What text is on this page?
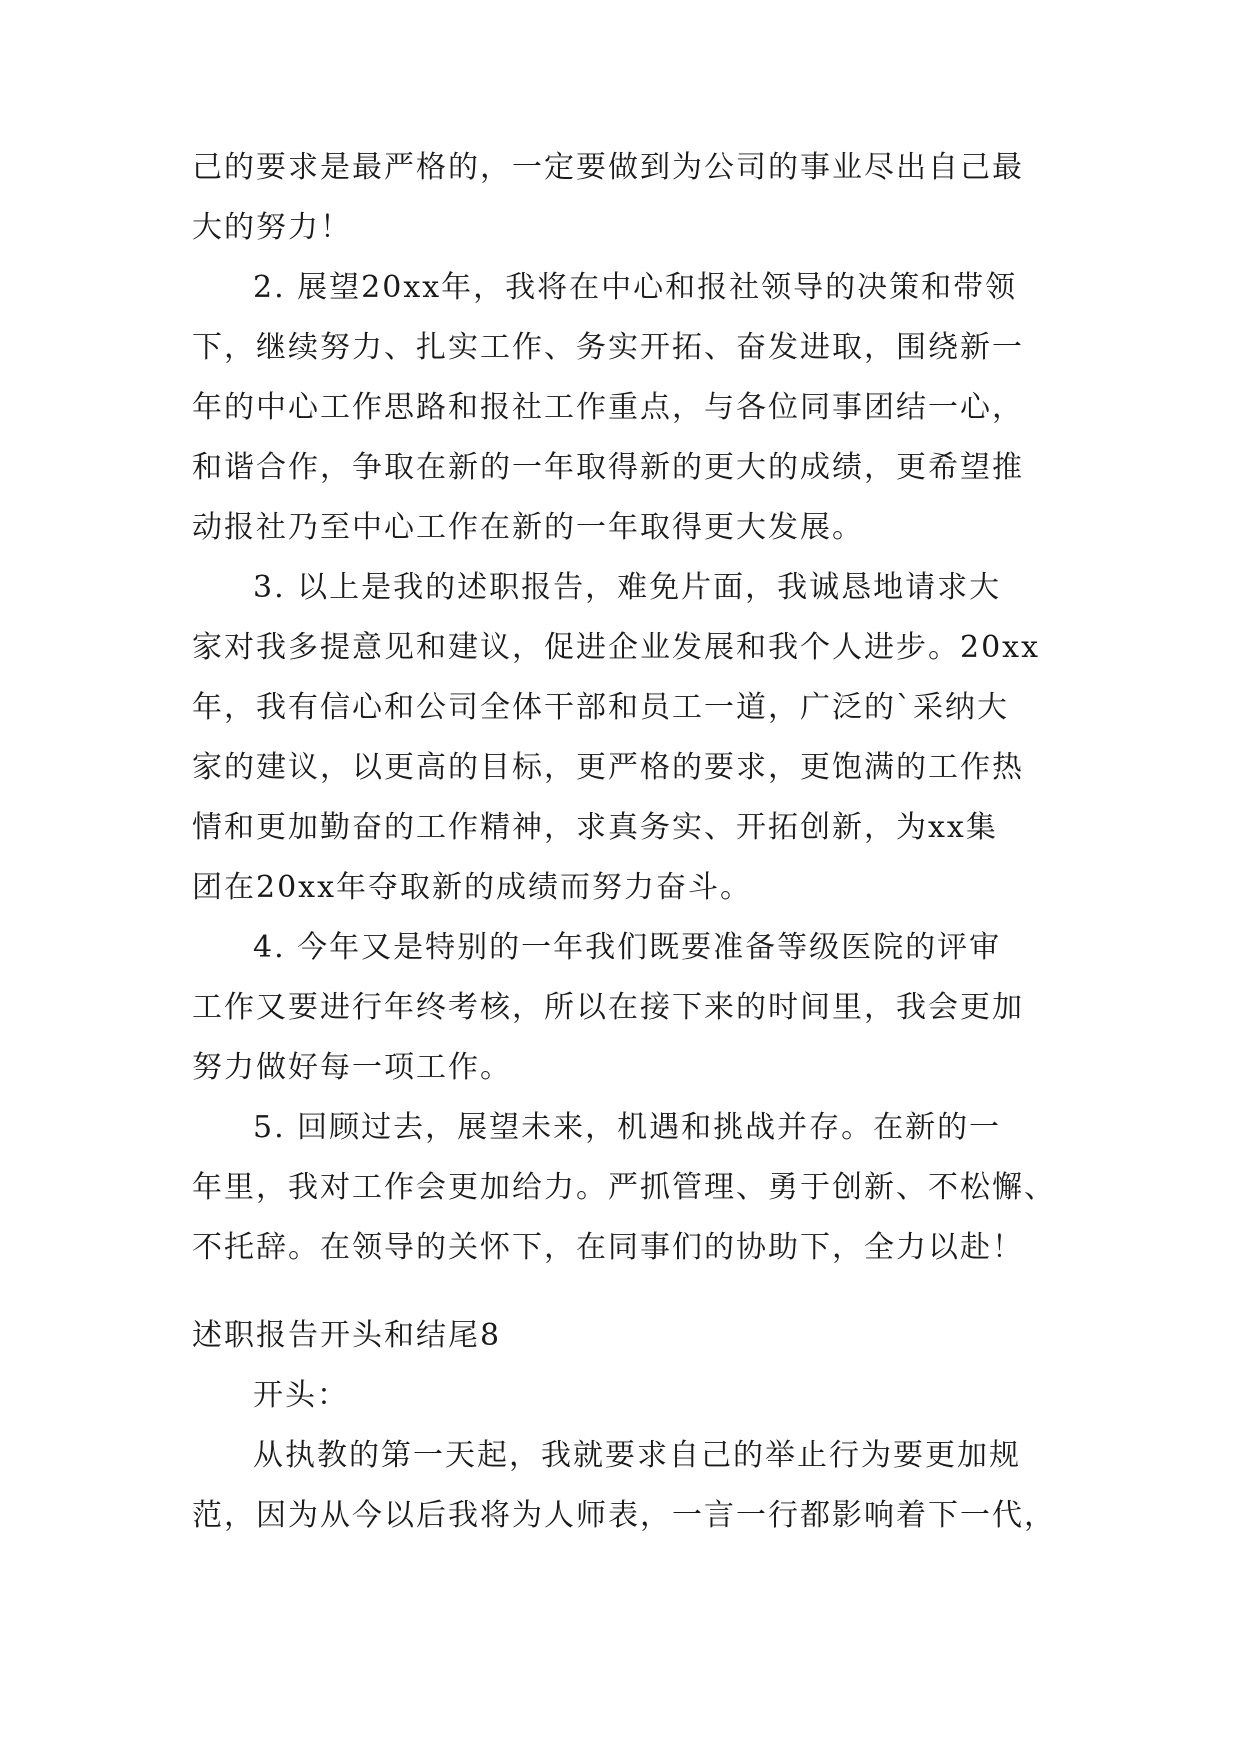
己的要求是最严格的，一定要做到为公司的事业尽出自己最
大的努力！
2. 展望20xx年，我将在中心和报社领导的决策和带领
下，继续努力、扎实工作、务实开拓、奋发进取，围绕新一
年的中心工作思路和报社工作重点，与各位同事团结一心，
和谐合作，争取在新的一年取得新的更大的成绩，更希望推
动报社乃至中心工作在新的一年取得更大发展。
3. 以上是我的述职报告，难免片面，我诚恳地请求大
家对我多提意见和建议，促进企业发展和我个人进步。20xx
年，我有信心和公司全体干部和员工一道，广泛的`采纳大
家的建议，以更高的目标，更严格的要求，更饱满的工作热
情和更加勤奋的工作精神，求真务实、开拓创新，为xx集
团在20xx年夺取新的成绩而努力奋斗。
4. 今年又是特别的一年我们既要准备等级医院的评审
工作又要进行年终考核，所以在接下来的时间里，我会更加
努力做好每一项工作。
5. 回顾过去，展望未来，机遇和挑战并存。在新的一
年里，我对工作会更加给力。严抓管理、勇于创新、不松懈、
不托辞。在领导的关怀下，在同事们的协助下，全力以赴！
述职报告开头和结尾8
开头：
从执教的第一天起，我就要求自己的举止行为要更加规
范，因为从今以后我将为人师表，一言一行都影响着下一代，
